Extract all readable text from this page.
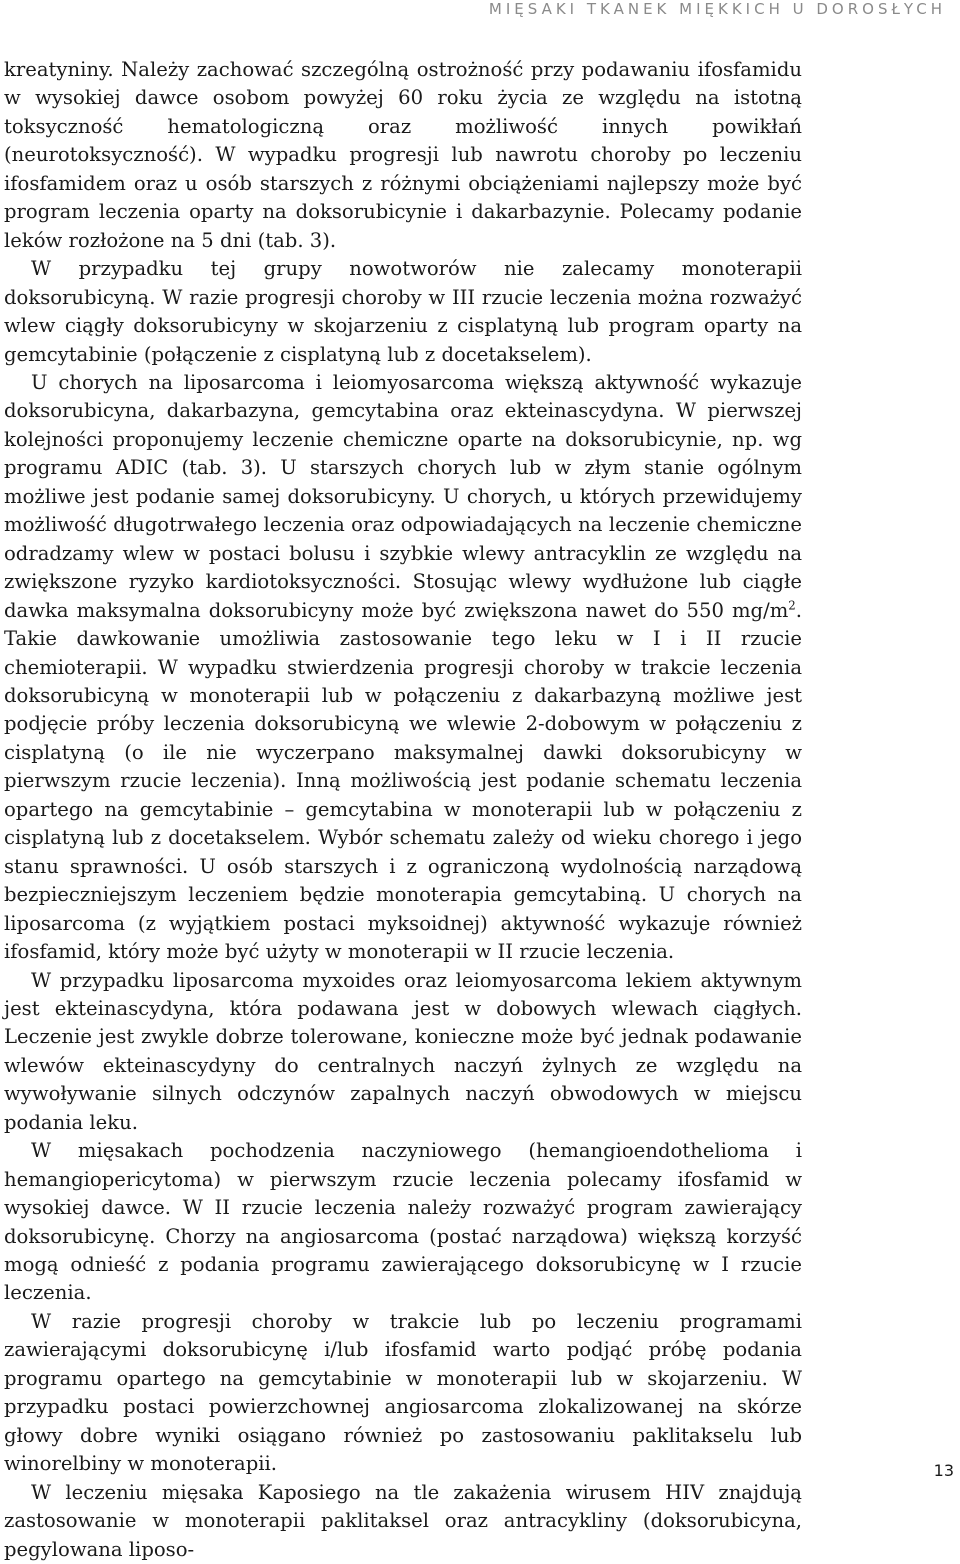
MIĘSAKI TKANEK MIĘKKICH U DOROSŁYCH

kreatyniny. Należy zachować szczególną ostrożność przy podawaniu ifosfamidu w wysokiej dawce osobom powyżej 60 roku życia ze względu na istotną toksyczność hematologiczną oraz możliwość innych powikłań (neurotoksyczność). W wypadku progresji lub nawrotu choroby po leczeniu ifosfamidem oraz u osób starszych z różnymi obciążeniami najlepszy może być program leczenia oparty na doksorubicynie i dakarbazynie. Polecamy podanie leków rozłożone na 5 dni (tab. 3).

W przypadku tej grupy nowotworów nie zalecamy monoterapii doksorubicyną. W razie progresji choroby w III rzucie leczenia można rozważyć wlew ciągły doksorubicyny w skojarzeniu z cisplatyną lub program oparty na gemcytabinie (połączenie z cisplatyną lub z docetakselem).

U chorych na liposarcoma i leiomyosarcoma większą aktywność wykazuje doksorubicyna, dakarbazyna, gemcytabina oraz ekteinascydyna. W pierwszej kolejności proponujemy leczenie chemiczne oparte na doksorubicynie, np. wg programu ADIC (tab. 3). U starszych chorych lub w złym stanie ogólnym możliwe jest podanie samej doksorubicyny. U chorych, u których przewidujemy możliwość długotrwałego leczenia oraz odpowiadających na leczenie chemiczne odradzamy wlew w postaci bolusu i szybkie wlewy antracyklin ze względu na zwiększone ryzyko kardiotoksyczności. Stosując wlewy wydłużone lub ciągłe dawka maksymalna doksorubicyny może być zwiększona nawet do 550 $mg/m^2$. Takie dawkowanie umożliwia zastosowanie tego leku w I i II rzucie chemioterapii. W wypadku stwierdzenia progresji choroby w trakcie leczenia doksorubicyną w monoterapii lub w połączeniu z dakarbazyną możliwe jest podjęcie próby leczenia doksorubicyną we wlewie 2-dobowym w połączeniu z cisplatyną (o ile nie wyczerpano maksymalnej dawki doksorubicyny w pierwszym rzucie leczenia). Inną możliwością jest podanie schematu leczenia opartego na gemcytabinie – gemcytabina w monoterapii lub w połączeniu z cisplatyną lub z docetakselem. Wybór schematu zależy od wieku chorego i jego stanu sprawności. U osób starszych i z ograniczoną wydolnością narządową bezpieczniejszym leczeniem będzie monoterapia gemcytabiną. U chorych na liposarcoma (z wyjątkiem postaci myksoidnej) aktywność wykazuje również ifosfamid, który może być użyty w monoterapii w II rzucie leczenia.

W przypadku liposarcoma myxoides oraz leiomyosarcoma lekiem aktywnym jest ekteinascydyna, która podawana jest w dobowych wlewach ciągłych. Leczenie jest zwykle dobrze tolerowane, konieczne może być jednak podawanie wlewów ekteinascydyny do centralnych naczyń żylnych ze względu na wywoływanie silnych odczynów zapalnych naczyń obwodowych w miejscu podania leku.

W mięsakach pochodzenia naczyniowego (hemangioendothelioma i hemangiopericytoma) w pierwszym rzucie leczenia polecamy ifosfamid w wysokiej dawce. W II rzucie leczenia należy rozważyć program zawierający doksorubicynę. Chorzy na angiosarcoma (postać narządowa) większą korzyść mogą odnieść z podania programu zawierającego doksorubicynę w I rzucie leczenia.

W razie progresji choroby w trakcie lub po leczeniu programami zawierającymi doksorubicynę i/lub ifosfamid warto podjąć próbę podania programu opartego na gemcytabinie w monoterapii lub w skojarzeniu. W przypadku postaci powierzchownej angiosarcoma zlokalizowanej na skórze głowy dobre wyniki osiągano również po zastosowaniu paklitakselu lub winorelbiny w monoterapii.

W leczeniu mięsaka Kaposiego na tle zakażenia wirusem HIV znajdują zastosowanie w monoterapii paklitaksel oraz antracykliny (doksorubicyna, pegylowana liposo-

13
